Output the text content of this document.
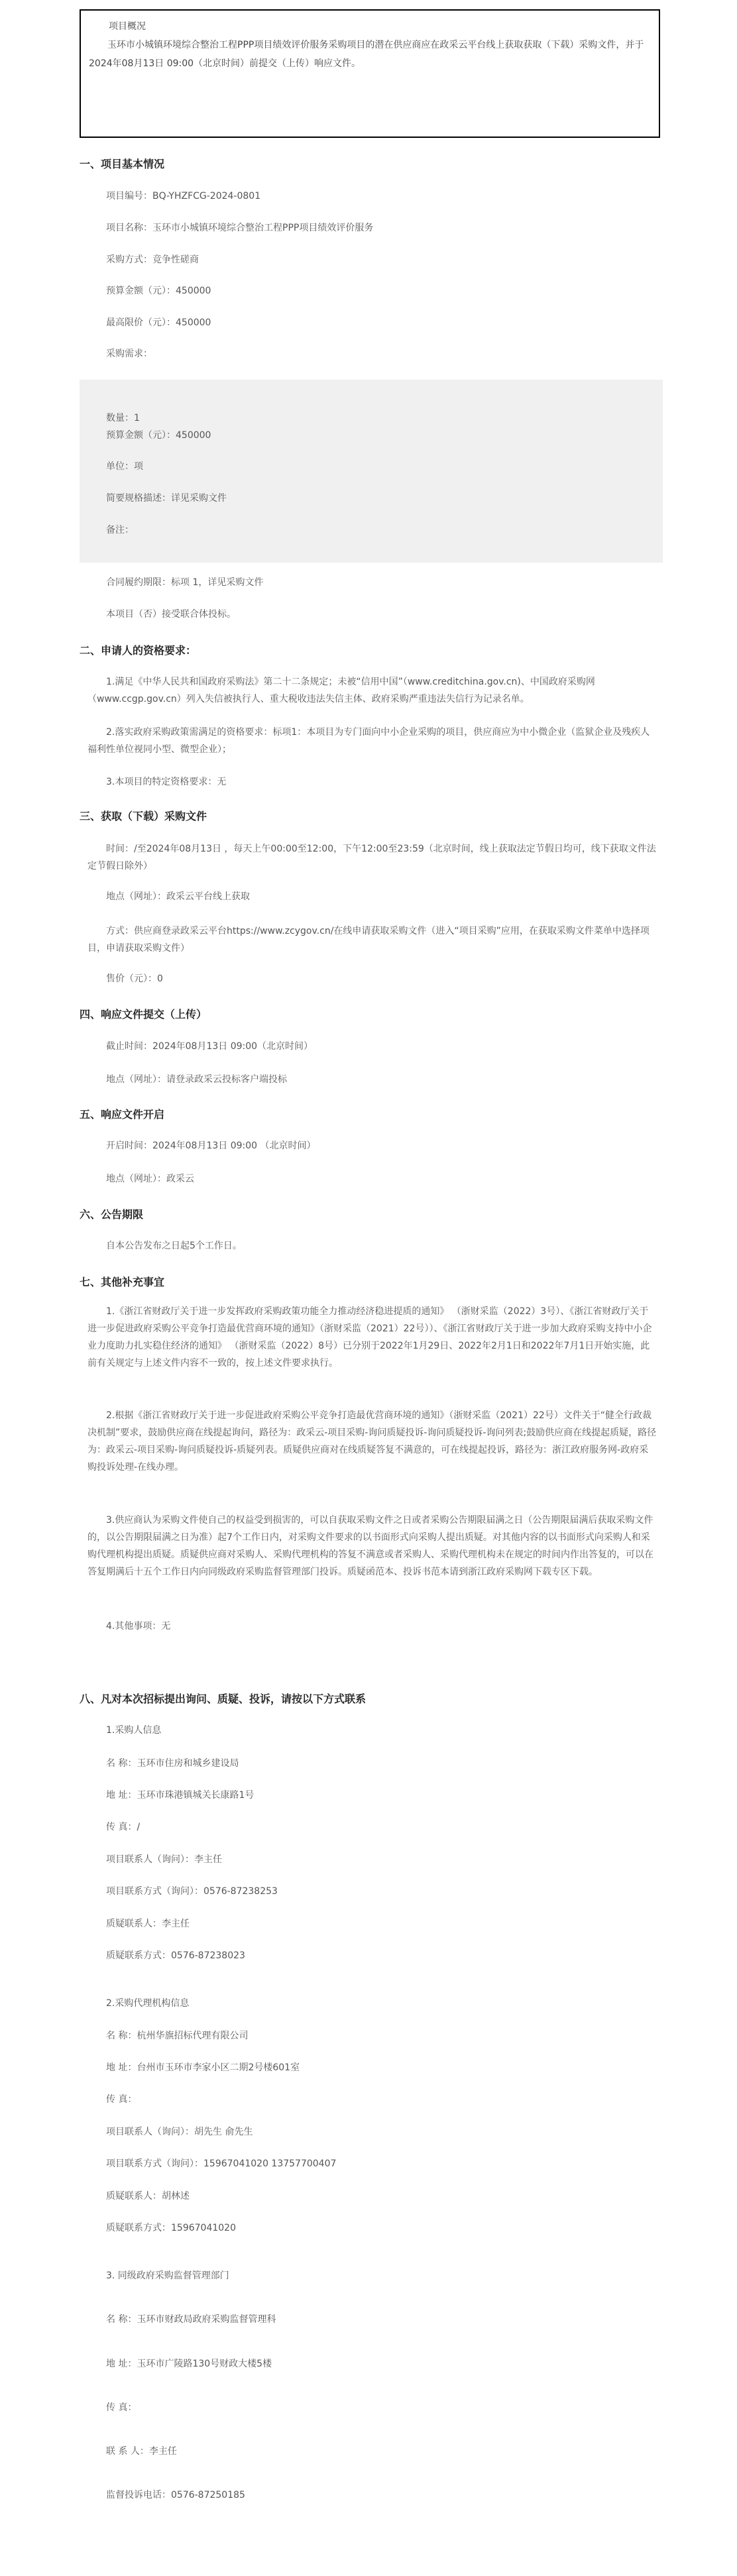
项目概况
玉环市小城镇环境综合整治工程PPP项目绩效评价服务采购项目的潜在供应商应在政采云平台线上获取获取（下载）采购文件，并于2024年08月13日 09:00（北京时间）前提交（上传）响应文件。
一、项目基本情况
项目编号：BQ-YHZFCG-2024-0801
项目名称：玉环市小城镇环境综合整治工程PPP项目绩效评价服务
采购方式：竞争性磋商
预算金额（元）：450000
最高限价（元）：450000
采购需求：
数量：1
预算金额（元）：450000
单位：项
简要规格描述：详见采购文件
备注：
合同履约期限：标项 1，详见采购文件
本项目（否）接受联合体投标。
二、申请人的资格要求：
1.满足《中华人民共和国政府采购法》第二十二条规定；未被“信用中国”（www.creditchina.gov.cn)、中国政府采购网（www.ccgp.gov.cn）列入失信被执行人、重大税收违法失信主体、政府采购严重违法失信行为记录名单。
2.落实政府采购政策需满足的资格要求：标项1：本项目为专门面向中小企业采购的项目，供应商应为中小微企业（监狱企业及残疾人福利性单位视同小型、微型企业）；
3.本项目的特定资格要求：无
三、获取（下载）采购文件
时间：/至2024年08月13日 ，每天上午00:00至12:00，下午12:00至23:59（北京时间，线上获取法定节假日均可，线下获取文件法定节假日除外）
地点（网址）：政采云平台线上获取
方式：供应商登录政采云平台https://www.zcygov.cn/在线申请获取采购文件（进入“项目采购”应用，在获取采购文件菜单中选择项目，申请获取采购文件）
售价（元）：0
四、响应文件提交（上传）
截止时间：2024年08月13日 09:00（北京时间）
地点（网址）：请登录政采云投标客户端投标
五、响应文件开启
开启时间：2024年08月13日 09:00 （北京时间）
地点（网址）：政采云
六、公告期限
自本公告发布之日起5个工作日。
七、其他补充事宜
1.《浙江省财政厅关于进一步发挥政府采购政策功能全力推动经济稳进提质的通知》 （浙财采监（2022）3号）、《浙江省财政厅关于进一步促进政府采购公平竞争打造最优营商环境的通知》（浙财采监（2021）22号））、《浙江省财政厅关于进一步加大政府采购支持中小企业力度助力扎实稳住经济的通知》 （浙财采监（2022）8号）已分别于2022年1月29日、2022年2月1日和2022年7月1日开始实施，此前有关规定与上述文件内容不一致的，按上述文件要求执行。
2.根据《浙江省财政厅关于进一步促进政府采购公平竞争打造最优营商环境的通知》（浙财采监（2021）22号）文件关于“健全行政裁决机制”要求，鼓励供应商在线提起询问，路径为：政采云-项目采购-询问质疑投诉-询问质疑投诉-询问列表;鼓励供应商在线提起质疑，路径为：政采云-项目采购-询问质疑投诉-质疑列表。质疑供应商对在线质疑答复不满意的，可在线提起投诉，路径为：浙江政府服务网-政府采购投诉处理-在线办理。
3.供应商认为采购文件使自己的权益受到损害的，可以自获取采购文件之日或者采购公告期限届满之日（公告期限届满后获取采购文件的，以公告期限届满之日为准）起7个工作日内，对采购文件要求的以书面形式向采购人提出质疑。对其他内容的以书面形式向采购人和采购代理机构提出质疑。质疑供应商对采购人、采购代理机构的答复不满意或者采购人、采购代理机构未在规定的时间内作出答复的，可以在答复期满后十五个工作日内向同级政府采购监督管理部门投诉。质疑函范本、投诉书范本请到浙江政府采购网下载专区下载。
4.其他事项：无
八、凡对本次招标提出询问、质疑、投诉，请按以下方式联系
1.采购人信息
名 称：玉环市住房和城乡建设局
地 址：玉环市珠港镇城关长康路1号
传 真：/
项目联系人（询问）：李主任
项目联系方式（询问）：0576-87238253
质疑联系人：李主任
质疑联系方式：0576-87238023
2.采购代理机构信息
名 称：杭州华旗招标代理有限公司
地 址：台州市玉环市李家小区二期2号楼601室
传 真：
项目联系人（询问）：胡先生 俞先生
项目联系方式（询问）：15967041020 13757700407
质疑联系人：胡林述
质疑联系方式：15967041020
3. 同级政府采购监督管理部门
名 称：玉环市财政局政府采购监督管理科
地 址：玉环市广陵路130号财政大楼5楼
传 真：
联 系 人：李主任
监督投诉电话：0576-87250185
